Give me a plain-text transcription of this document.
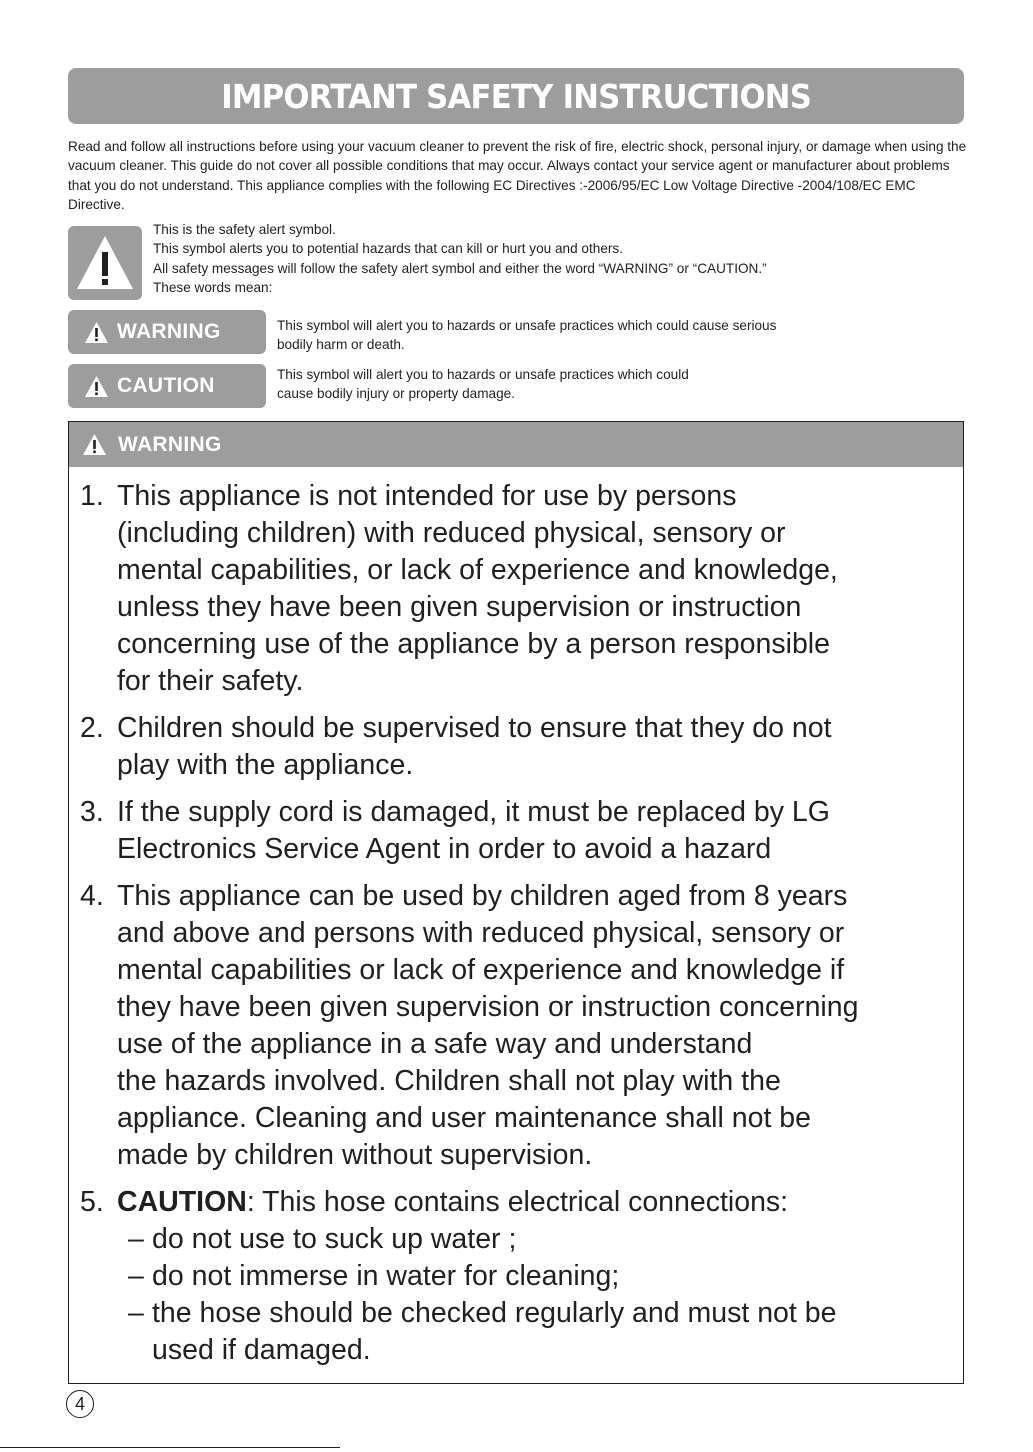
IMPORTANT SAFETY INSTRUCTIONS

Read and follow all instructions before using your vacuum cleaner to prevent the risk of fire, electric shock, personal injury, or damage when using the vacuum cleaner. This guide do not cover all possible conditions that may occur. Always contact your service agent or manufacturer about problems that you do not understand. This appliance complies with the following EC Directives :-2006/95/EC Low Voltage Directive -2004/108/EC EMC Directive.

This is the safety alert symbol.
This symbol alerts you to potential hazards that can kill or hurt you and others.
All safety messages will follow the safety alert symbol and either the word “WARNING” or “CAUTION.”
These words mean:
WARNING	This symbol will alert you to hazards or unsafe practices which could cause serious
bodily harm or death.
CAUTION	This symbol will alert you to hazards or unsafe practices which could
cause bodily injury or property damage.
WARNING
1. This appliance is not intended for use by persons
(including children) with reduced physical, sensory or
mental capabilities, or lack of experience and knowledge,
unless they have been given supervision or instruction
concerning use of the appliance by a person responsible
for their safety.
2. Children should be supervised to ensure that they do not
play with the appliance.
3. If the supply cord is damaged, it must be replaced by LG
Electronics Service Agent in order to avoid a hazard
4. This appliance can be used by children aged from 8 years
and above and persons with reduced physical, sensory or
mental capabilities or lack of experience and knowledge if
they have been given supervision or instruction concerning
use of the appliance in a safe way and understand
the hazards involved. Children shall not play with the
appliance. Cleaning and user maintenance shall not be
made by children without supervision.
5. CAUTION: This hose contains electrical connections:
– do not use to suck up water ;
– do not immerse in water for cleaning;
– the hose should be checked regularly and must not be
used if damaged.
4
